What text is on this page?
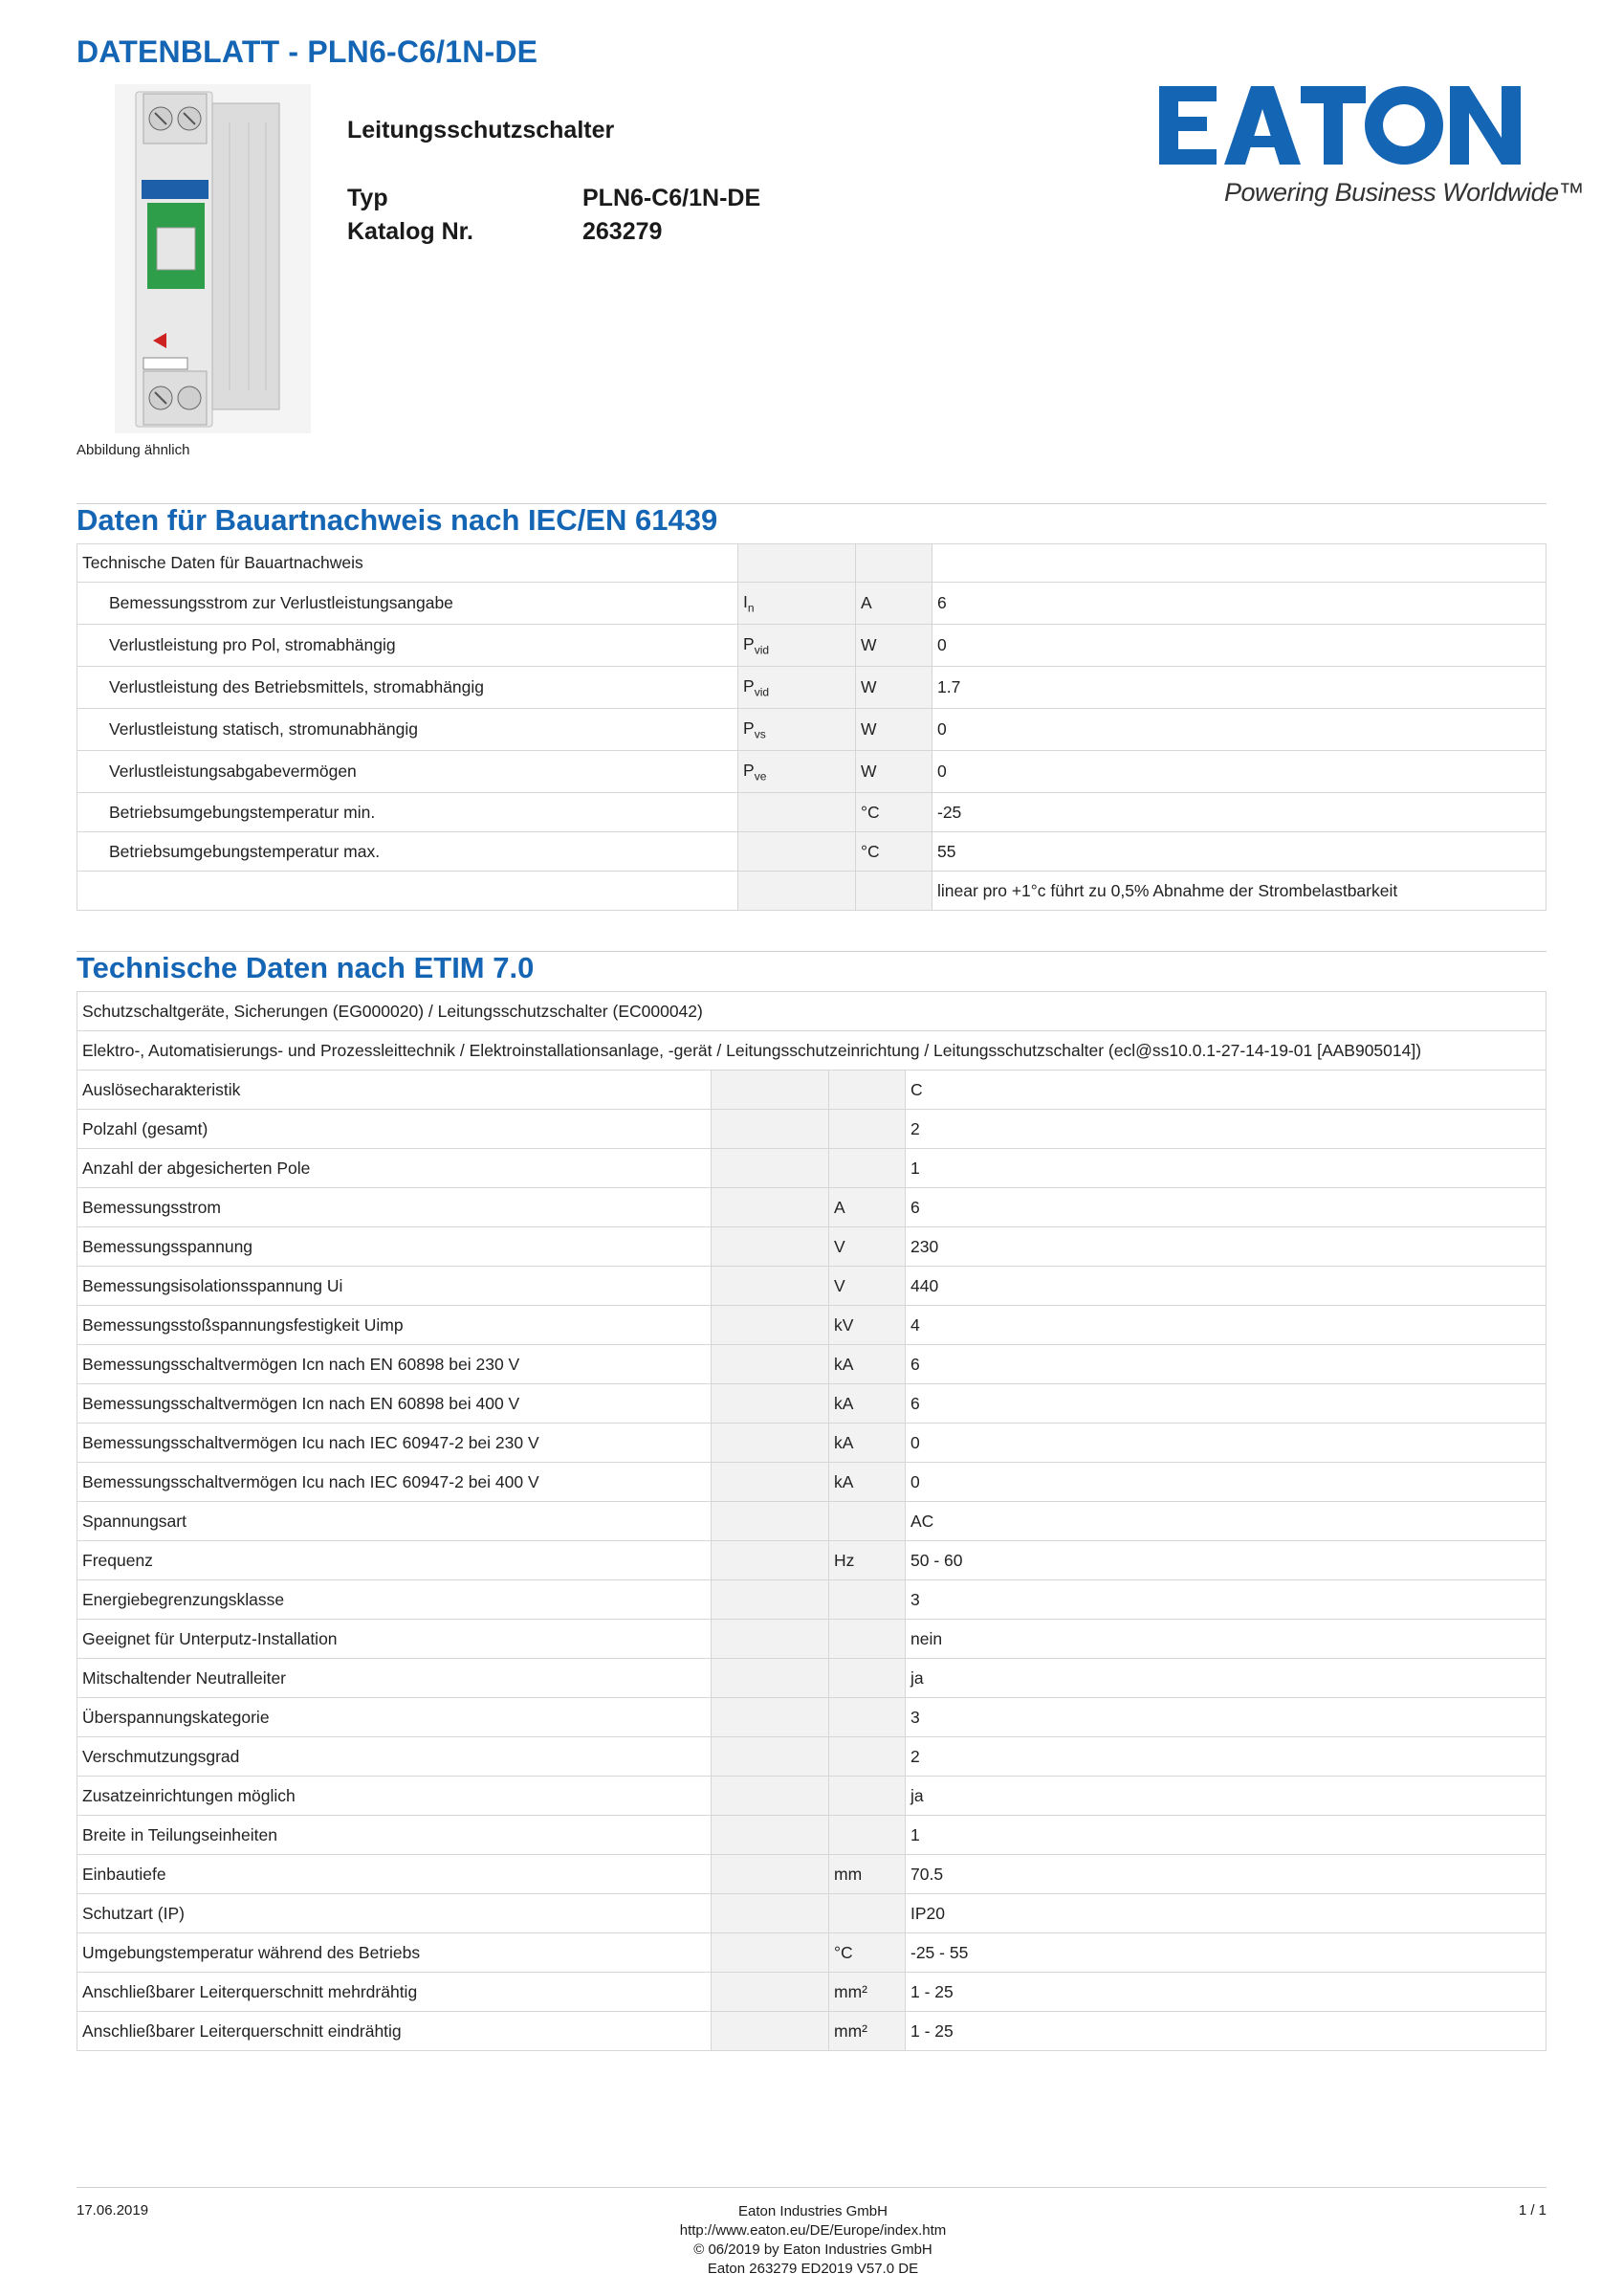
DATENBLATT - PLN6-C6/1N-DE
Abbildung ähnlich
Leitungsschutzschalter
Typ	PLN6-C6/1N-DE
Katalog Nr.	263279
Powering Business Worldwide™
Daten für Bauartnachweis nach IEC/EN 61439
Technische Daten für Bauartnachweis			
Bemessungsstrom zur Verlustleistungsangabe	$I_n$	A	6
Verlustleistung pro Pol, stromabhängig	$P_{vid}$	W	0
Verlustleistung des Betriebsmittels, stromabhängig	$P_{vid}$	W	1.7
Verlustleistung statisch, stromunabhängig	$P_{vs}$	W	0
Verlustleistungsabgabevermögen	$P_{ve}$	W	0
Betriebsumgebungstemperatur min.		°C	-25
Betriebsumgebungstemperatur max.		°C	55
			linear pro +1°c führt zu 0,5% Abnahme der Strombelastbarkeit
Technische Daten nach ETIM 7.0
Schutzschaltgeräte, Sicherungen (EG000020) / Leitungsschutzschalter (EC000042)			
Elektro-, Automatisierungs- und Prozessleittechnik / Elektroinstallationsanlage, -gerät / Leitungsschutzeinrichtung / Leitungsschutzschalter (ecl@ss10.0.1-27-14-19-01 [AAB905014])			
Auslösecharakteristik			C
Polzahl (gesamt)			2
Anzahl der abgesicherten Pole			1
Bemessungsstrom		A	6
Bemessungsspannung		V	230
Bemessungsisolationsspannung Ui		V	440
Bemessungsstoßspannungsfestigkeit Uimp		kV	4
Bemessungsschaltvermögen Icn nach EN 60898 bei 230 V		kA	6
Bemessungsschaltvermögen Icn nach EN 60898 bei 400 V		kA	6
Bemessungsschaltvermögen Icu nach IEC 60947-2 bei 230 V		kA	0
Bemessungsschaltvermögen Icu nach IEC 60947-2 bei 400 V		kA	0
Spannungsart			AC
Frequenz		Hz	50 - 60
Energiebegrenzungsklasse			3
Geeignet für Unterputz-Installation			nein
Mitschaltender Neutralleiter			ja
Überspannungskategorie			3
Verschmutzungsgrad			2
Zusatzeinrichtungen möglich			ja
Breite in Teilungseinheiten			1
Einbautiefe		mm	70.5
Schutzart (IP)			IP20
Umgebungstemperatur während des Betriebs		°C	-25 - 55
Anschließbarer Leiterquerschnitt mehrdrähtig		mm²	1 - 25
Anschließbarer Leiterquerschnitt eindrähtig		mm²	1 - 25
17.06.2019	Eaton Industries GmbH
http://www.eaton.eu/DE/Europe/index.htm
© 06/2019 by Eaton Industries GmbH
Eaton 263279 ED2019 V57.0 DE
1 / 1
